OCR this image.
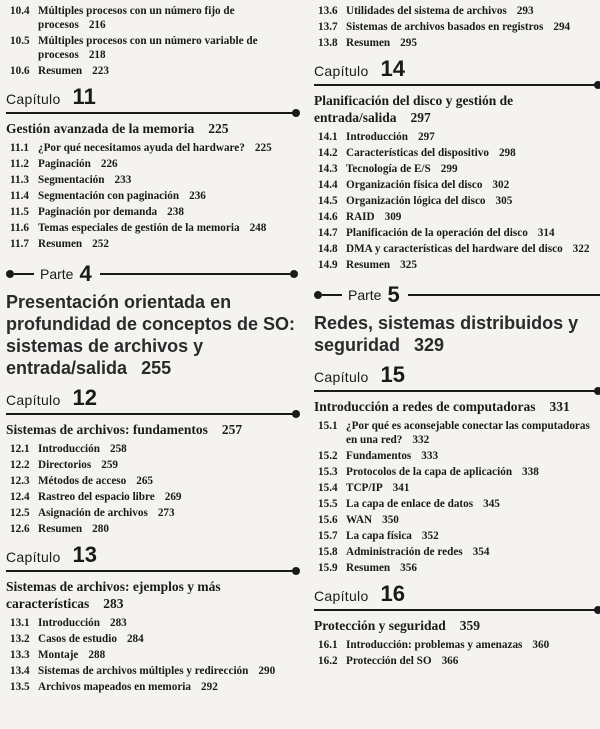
10.4 Múltiples procesos con un número fijo de procesos 216
10.5 Múltiples procesos con un número variable de procesos 218
10.6 Resumen 223
Capítulo 11
Gestión avanzada de la memoria 225
11.1 ¿Por qué necesitamos ayuda del hardware? 225
11.2 Paginación 226
11.3 Segmentación 233
11.4 Segmentación con paginación 236
11.5 Paginación por demanda 238
11.6 Temas especiales de gestión de la memoria 248
11.7 Resumen 252
Parte 4
Presentación orientada en profundidad de conceptos de SO: sistemas de archivos y entrada/salida 255
Capítulo 12
Sistemas de archivos: fundamentos 257
12.1 Introducción 258
12.2 Directorios 259
12.3 Métodos de acceso 265
12.4 Rastreo del espacio libre 269
12.5 Asignación de archivos 273
12.6 Resumen 280
Capítulo 13
Sistemas de archivos: ejemplos y más características 283
13.1 Introducción 283
13.2 Casos de estudio 284
13.3 Montaje 288
13.4 Sistemas de archivos múltiples y redirección 290
13.5 Archivos mapeados en memoria 292
13.6 Utilidades del sistema de archivos 293
13.7 Sistemas de archivos basados en registros 294
13.8 Resumen 295
Capítulo 14
Planificación del disco y gestión de entrada/salida 297
14.1 Introducción 297
14.2 Características del dispositivo 298
14.3 Tecnología de E/S 299
14.4 Organización física del disco 302
14.5 Organización lógica del disco 305
14.6 RAID 309
14.7 Planificación de la operación del disco 314
14.8 DMA y características del hardware del disco 322
14.9 Resumen 325
Parte 5
Redes, sistemas distribuidos y seguridad 329
Capítulo 15
Introducción a redes de computadoras 331
15.1 ¿Por qué es aconsejable conectar las computadoras en una red? 332
15.2 Fundamentos 333
15.3 Protocolos de la capa de aplicación 338
15.4 TCP/IP 341
15.5 La capa de enlace de datos 345
15.6 WAN 350
15.7 La capa física 352
15.8 Administración de redes 354
15.9 Resumen 356
Capítulo 16
Protección y seguridad 359
16.1 Introducción: problemas y amenazas 360
16.2 Protección del SO 366
